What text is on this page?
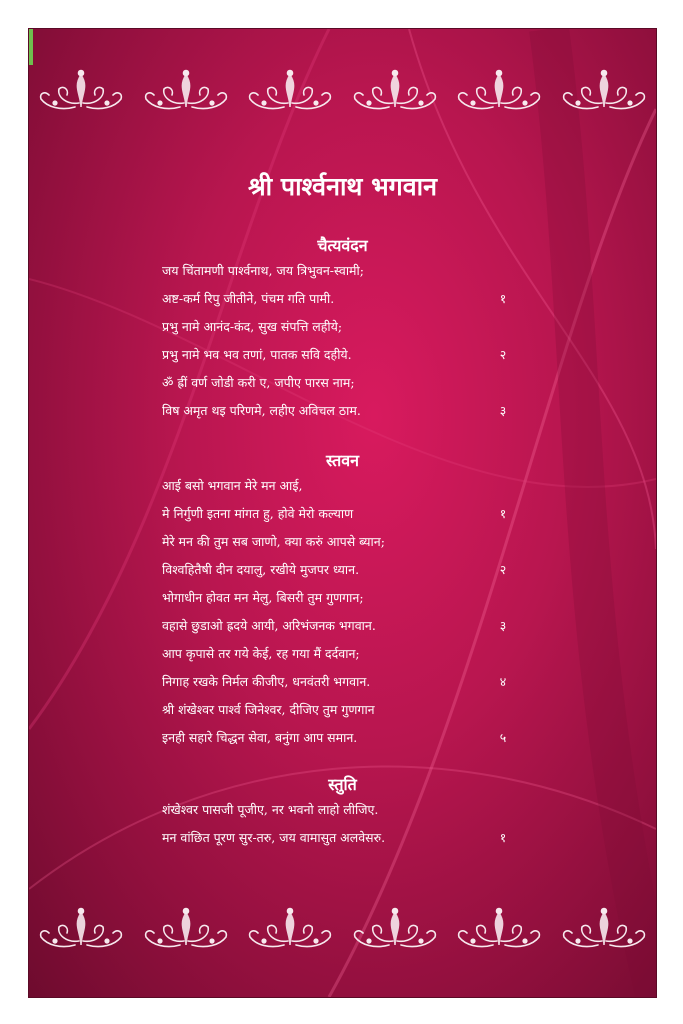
श्री पार्श्वनाथ भगवान
चैत्यवंदन
जय चिंतामणी पार्श्वनाथ, जय त्रिभुवन-स्वामी;
अष्ट-कर्म रिपु जीतीने, पंचम गति पामी.	१
प्रभु नामे आनंद-कंद, सुख संपत्ति लहीये;
प्रभु नामे भव भव तणां, पातक सवि दहीये.	२
ॐ ह्रीं वर्ण जोडी करी ए, जपीए पारस नाम;
विष अमृत थइ परिणमे, लहीए अविचल ठाम.	३
स्तवन
आई बसो भगवान मेरे मन आई,
मे निर्गुणी इतना मांगत हु, होवे मेरो कल्याण	१
मेरे मन की तुम सब जाणो, क्या करुं आपसे ब्यान;
विश्वहितैषी दीन दयालु, रखीये मुजपर ध्यान.	२
भोगाधीन होवत मन मेलु, बिसरी तुम गुणगान;
वहासे छुडाओ ह्रदये आयी, अरिभंजनक भगवान.	३
आप कृपासे तर गये केई, रह गया मैं दर्दवान;
निगाह रखके निर्मल कीजीए, धनवंतरी भगवान.	४
श्री शंखेश्वर पार्श्व जिनेश्वर, दीजिए तुम गुणगान
इनही सहारे चिद्धन सेवा, बनुंगा आप समान.	५
स्तुति
शंखेश्वर पासजी पूजीए, नर भवनो लाहो लीजिए.
मन वांछित पूरण सुर-तरु, जय वामासुत अलवेसरु.	१
